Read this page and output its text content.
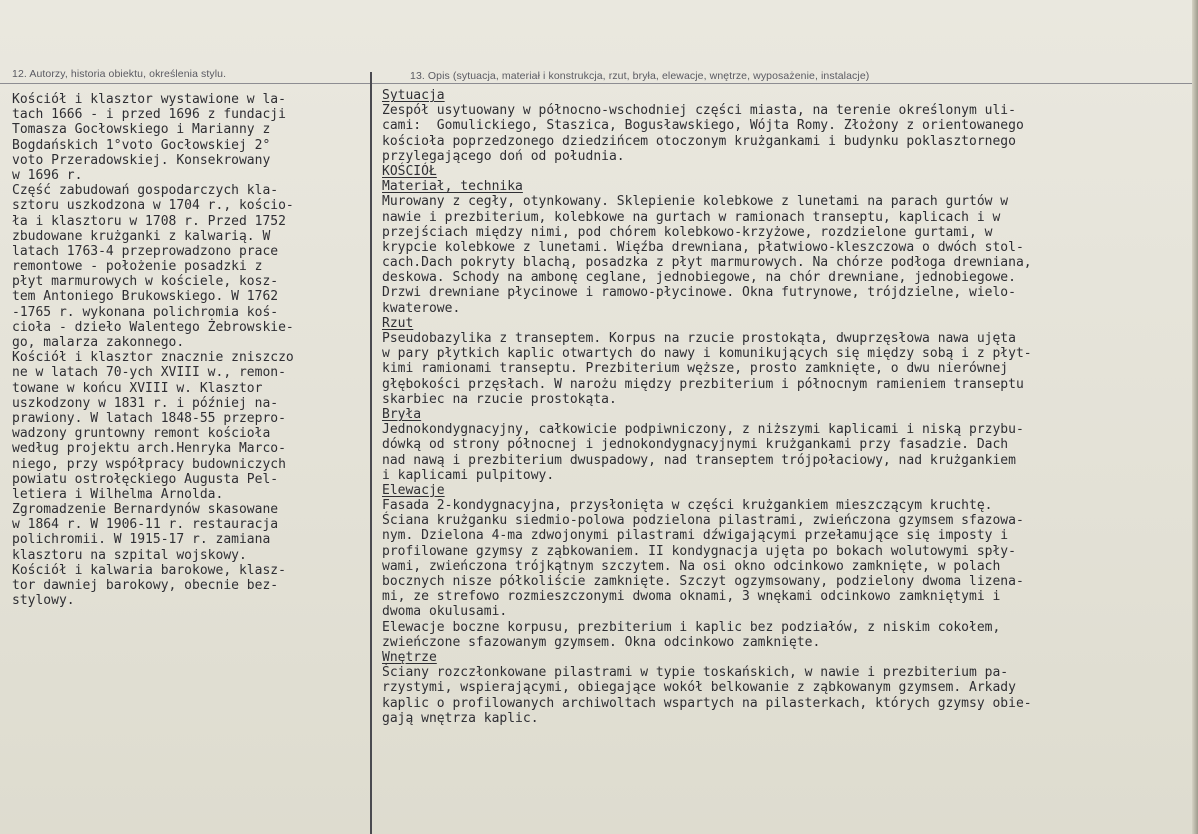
12. Autorzy, historia obiektu, określenia stylu.	13. Opis (sytuacja, materiał i konstrukcja, rzut, bryła, elewacje, wnętrze, wyposażenie, instalacje)
Kościół i klasztor wystawione w la-
tach 1666 - i przed 1696 z fundacji
Tomasza Gocłowskiego i Marianny z
Bogdańskich 1°voto Gocłowskiej 2°
voto Przeradowskiej. Konsekrowany
w 1696 r.
Część zabudowań gospodarczych kla-
sztoru uszkodzona w 1704 r., kościo-
ła i klasztoru w 1708 r. Przed 1752
zbudowane krużganki z kalwarią. W
latach 1763-4 przeprowadzono prace
remontowe - położenie posadzki z
płyt marmurowych w kościele, kosz-
tem Antoniego Brukowskiego. W 1762
-1765 r. wykonana polichromia koś-
cioła - dzieło Walentego Żebrowskie-
go, malarza zakonnego.
Kościół i klasztor znacznie zniszczo
ne w latach 70-ych XVIII w., remon-
towane w końcu XVIII w. Klasztor
uszkodzony w 1831 r. i później na-
prawiony. W latach 1848-55 przepro-
wadzony gruntowny remont kościoła
według projektu arch.Henryka Marco-
niego, przy współpracy budowniczych
powiatu ostrołęckiego Augusta Pel-
letiera i Wilhelma Arnolda.
Zgromadzenie Bernardynów skasowane
w 1864 r. W 1906-11 r. restauracja
polichromii. W 1915-17 r. zamiana
klasztoru na szpital wojskowy.
Kościół i kalwaria barokowe, klasz-
tor dawniej barokowy, obecnie bez-
stylowy.
Sytuacja
Zespół usytuowany w północno-wschodniej części miasta, na terenie określonym uli-
cami:  Gomulickiego, Staszica, Bogusławskiego, Wójta Romy. Złożony z orientowanego
kościoła poprzedzonego dziedzińcem otoczonym krużgankami i budynku poklasztornego
przylegającego doń od południa.
KOŚCIÓŁ
Materiał, technika
Murowany z cegły, otynkowany. Sklepienie kolebkowe z lunetami na parach gurtów w
nawie i prezbiterium, kolebkowe na gurtach w ramionach transeptu, kaplicach i w
przejściach między nimi, pod chórem kolebkowo-krzyżowe, rozdzielone gurtami, w
krypcie kolebkowe z lunetami. Więźba drewniana, płatwiowo-kleszczowa o dwóch stol-
cach.Dach pokryty blachą, posadzka z płyt marmurowych. Na chórze podłoga drewniana,
deskowa. Schody na ambonę ceglane, jednobiegowe, na chór drewniane, jednobiegowe.
Drzwi drewniane płycinowe i ramowo-płycinowe. Okna futrynowe, trójdzielne, wielo-
kwaterowe.
Rzut
Pseudobazylika z transeptem. Korpus na rzucie prostokąta, dwuprzęsłowa nawa ujęta
w pary płytkich kaplic otwartych do nawy i komunikujących się między sobą i z płyt-
kimi ramionami transeptu. Prezbiterium węższe, prosto zamknięte, o dwu nierównej
głębokości przęsłach. W narożu między prezbiterium i północnym ramieniem transeptu
skarbiec na rzucie prostokąta.
Bryła
Jednokondygnacyjny, całkowicie podpiwniczony, z niższymi kaplicami i niską przybu-
dówką od strony północnej i jednokondygnacyjnymi krużgankami przy fasadzie. Dach
nad nawą i prezbiterium dwuspadowy, nad transeptem trójpołaciowy, nad krużgankiem
i kaplicami pulpitowy.
Elewacje
Fasada 2-kondygnacyjna, przysłonięta w części krużgankiem mieszczącym kruchtę.
Ściana krużganku siedmio-polowa podzielona pilastrami, zwieńczona gzymsem sfazowa-
nym. Dzielona 4-ma zdwojonymi pilastrami dźwigającymi przełamujące się imposty i
profilowane gzymsy z ząbkowaniem. II kondygnacja ujęta po bokach wolutowymi spły-
wami, zwieńczona trójkątnym szczytem. Na osi okno odcinkowo zamknięte, w polach
bocznych nisze półkoliście zamknięte. Szczyt ogzymsowany, podzielony dwoma lizena-
mi, ze strefowo rozmieszczonymi dwoma oknami, 3 wnękami odcinkowo zamkniętymi i
dwoma okulusami.
Elewacje boczne korpusu, prezbiterium i kaplic bez podziałów, z niskim cokołem,
zwieńczone sfazowanym gzymsem. Okna odcinkowo zamknięte.
Wnętrze
Ściany rozczłonkowane pilastrami w typie toskańskich, w nawie i prezbiterium pa-
rzystymi, wspierającymi, obiegające wokół belkowanie z ząbkowanym gzymsem. Arkady
kaplic o profilowanych archiwoltach wspartych na pilasterkach, których gzymsy obie-
gają wnętrza kaplic.
